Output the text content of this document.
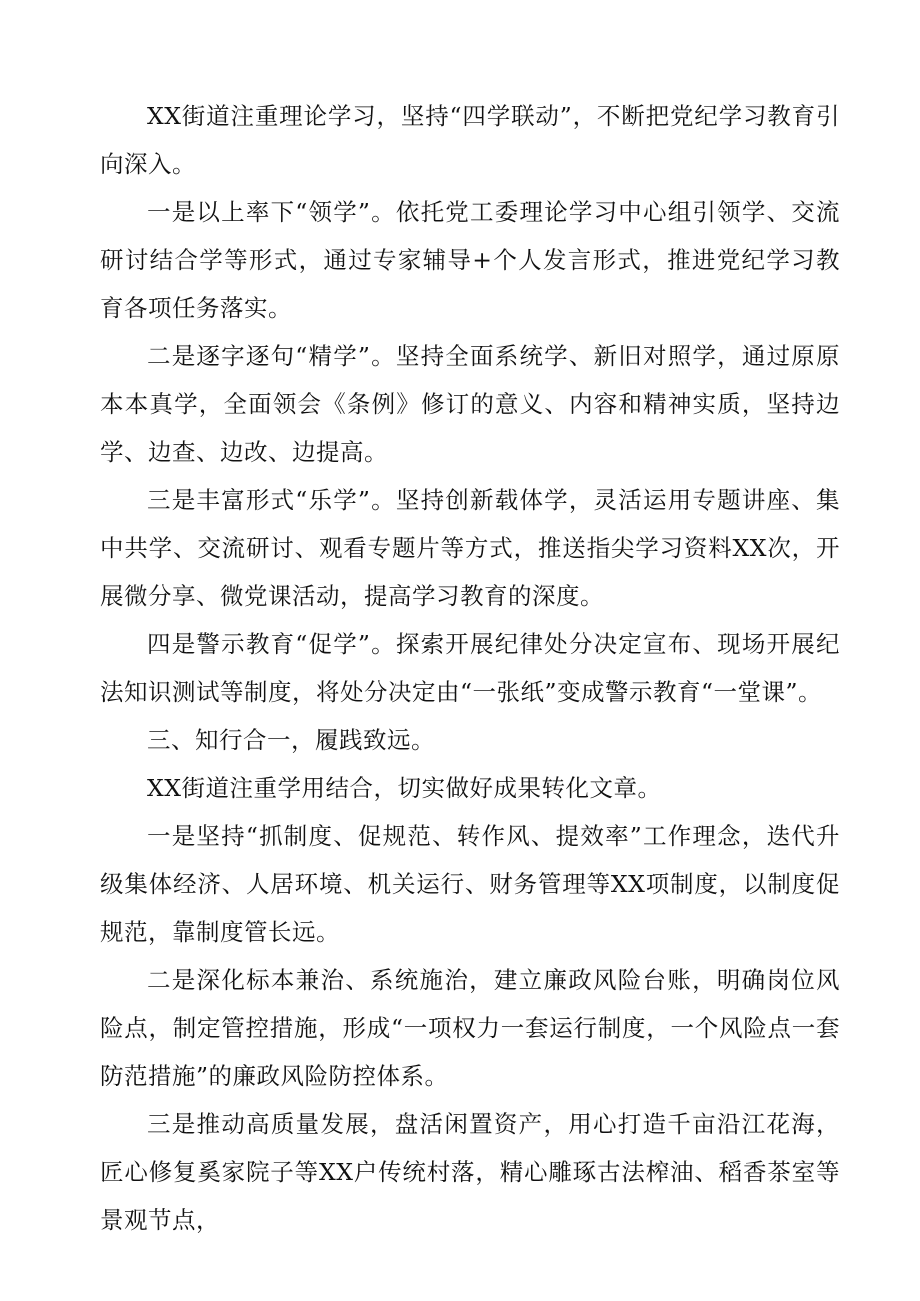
XX街道注重理论学习，坚持“四学联动”，不断把党纪学习教育引向深入。

一是以上率下“领学”。依托党工委理论学习中心组引领学、交流研讨结合学等形式，通过专家辅导+个人发言形式，推进党纪学习教育各项任务落实。

二是逐字逐句“精学”。坚持全面系统学、新旧对照学，通过原原本本真学，全面领会《条例》修订的意义、内容和精神实质，坚持边学、边查、边改、边提高。

三是丰富形式“乐学”。坚持创新载体学，灵活运用专题讲座、集中共学、交流研讨、观看专题片等方式，推送指尖学习资料XX次，开展微分享、微党课活动，提高学习教育的深度。

四是警示教育“促学”。探索开展纪律处分决定宣布、现场开展纪法知识测试等制度，将处分决定由“一张纸”变成警示教育“一堂课”。

三、知行合一，履践致远。

XX街道注重学用结合，切实做好成果转化文章。

一是坚持“抓制度、促规范、转作风、提效率”工作理念，迭代升级集体经济、人居环境、机关运行、财务管理等XX项制度，以制度促规范，靠制度管长远。

二是深化标本兼治、系统施治，建立廉政风险台账，明确岗位风险点，制定管控措施，形成“一项权力一套运行制度，一个风险点一套防范措施”的廉政风险防控体系。

三是推动高质量发展，盘活闲置资产，用心打造千亩沿江花海，匠心修复奚家院子等XX户传统村落，精心雕琢古法榨油、稻香茶室等景观节点，
